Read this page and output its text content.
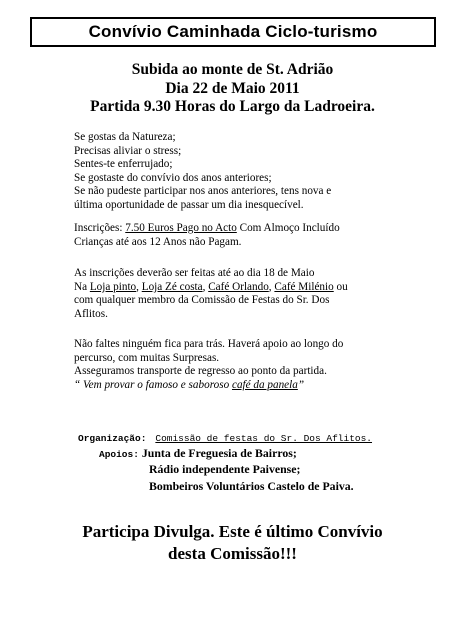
Convívio Caminhada Ciclo-turismo
Subida ao monte de St. Adrião
Dia 22 de Maio 2011
Partida 9.30 Horas do Largo da Ladroeira.
Se gostas da Natureza;
Precisas aliviar o stress;
Sentes-te enferrujado;
Se gostaste do convívio dos anos anteriores;
Se não pudeste participar nos anos anteriores, tens nova e
última oportunidade de passar um dia inesquecível.
Inscrições: 7.50 Euros Pago no Acto Com Almoço Incluído
Crianças até aos 12 Anos não Pagam.
As inscrições deverão ser feitas até ao dia 18 de Maio
Na Loja pinto, Loja Zé costa, Café Orlando, Café Milénio ou
com qualquer membro da Comissão de Festas do Sr. Dos
Aflitos.
Não faltes ninguém fica para trás. Haverá apoio ao longo do
percurso, com muitas Surpresas.
Asseguramos transporte de regresso ao ponto da partida.
“ Vem provar o famoso e saboroso café da panela”
Organização: Comissão de festas do Sr. Dos Aflitos.
Apoios: Junta de Freguesia de Bairros;
Rádio independente Paivense;
Bombeiros Voluntários Castelo de Paiva.
Participa Divulga. Este é último Convívio
desta Comissão!!!
